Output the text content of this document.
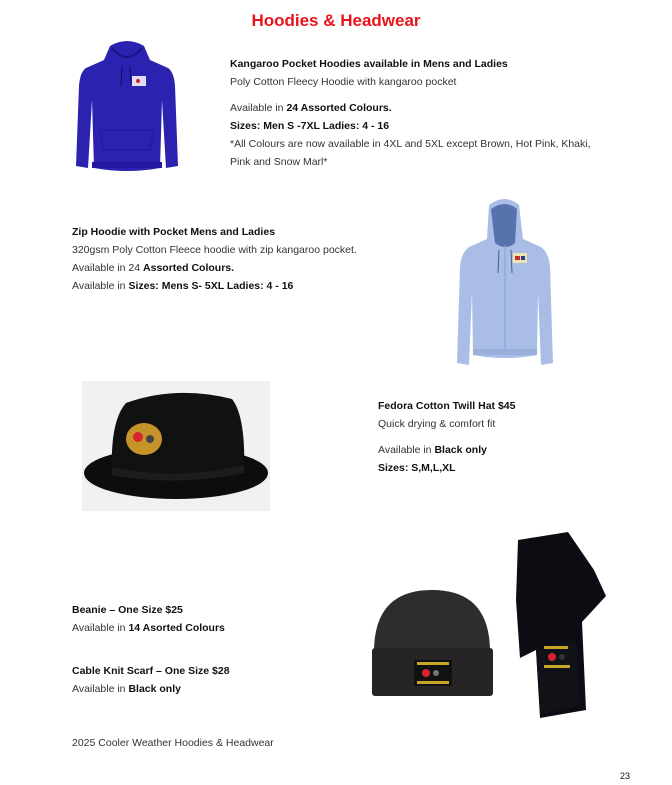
Hoodies & Headwear
Kangaroo Pocket Hoodies available in Mens and Ladies
Poly Cotton Fleecy Hoodie with kangaroo pocket
Available in 24 Assorted Colours.
Sizes: Men S -7XL Ladies: 4 - 16
*All Colours are now available in 4XL and 5XL except Brown, Hot Pink, Khaki,
Pink and Snow Marl*
Zip Hoodie with Pocket Mens and Ladies
320gsm Poly Cotton Fleece hoodie with zip kangaroo pocket.
Available in 24 Assorted Colours.
Available in Sizes: Mens S- 5XL Ladies: 4 - 16
Fedora Cotton Twill Hat $45
Quick drying & comfort fit
Available in Black only
Sizes: S,M,L,XL
Beanie – One Size $25
Available in 14 Asorted Colours
Cable Knit Scarf – One Size $28
Available in Black only
2025 Cooler Weather Hoodies & Headwear
23
